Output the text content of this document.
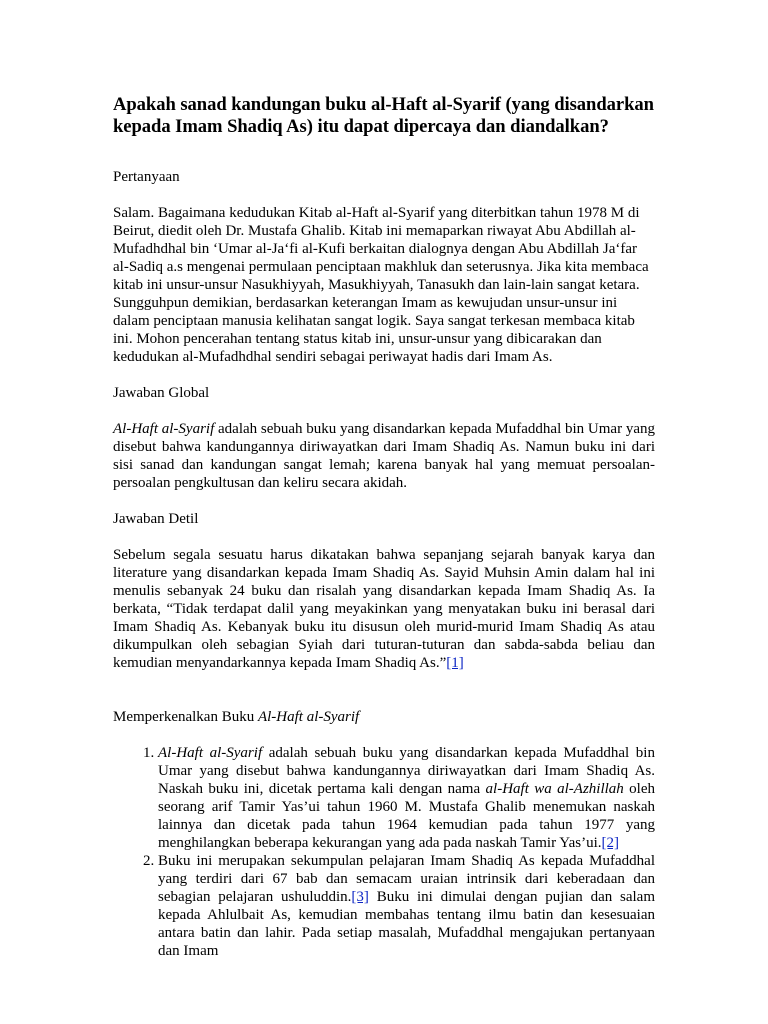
Apakah sanad kandungan buku al-Haft al-Syarif (yang disandarkan kepada Imam Shadiq As) itu dapat dipercaya dan diandalkan?

Pertanyaan

Salam. Bagaimana kedudukan Kitab al-Haft al-Syarif yang diterbitkan tahun 1978 M di Beirut, diedit oleh Dr. Mustafa Ghalib. Kitab ini memaparkan riwayat Abu Abdillah al-Mufadhdhal bin ‘Umar al-Ja‘fi al-Kufi berkaitan dialognya dengan Abu Abdillah Ja‘far al-Sadiq a.s mengenai permulaan penciptaan makhluk dan seterusnya. Jika kita membaca kitab ini unsur-unsur Nasukhiyyah, Masukhiyyah, Tanasukh dan lain-lain sangat ketara. Sungguhpun demikian, berdasarkan keterangan Imam as kewujudan unsur-unsur ini dalam penciptaan manusia kelihatan sangat logik. Saya sangat terkesan membaca kitab ini. Mohon pencerahan tentang status kitab ini, unsur-unsur yang dibicarakan dan kedudukan al-Mufadhdhal sendiri sebagai periwayat hadis dari Imam As.

Jawaban Global

Al-Haft al-Syarif adalah sebuah buku yang disandarkan kepada Mufaddhal bin Umar yang disebut bahwa kandungannya diriwayatkan dari Imam Shadiq As. Namun buku ini dari sisi sanad dan kandungan sangat lemah; karena banyak hal yang memuat persoalan-persoalan pengkultusan dan keliru secara akidah.

Jawaban Detil

Sebelum segala sesuatu harus dikatakan bahwa sepanjang sejarah banyak karya dan literature yang disandarkan kepada Imam Shadiq As. Sayid Muhsin Amin dalam hal ini menulis sebanyak 24 buku dan risalah yang disandarkan kepada Imam Shadiq As. Ia berkata, “Tidak terdapat dalil yang meyakinkan yang menyatakan buku ini berasal dari Imam Shadiq As. Kebanyak buku itu disusun oleh murid-murid Imam Shadiq As atau dikumpulkan oleh sebagian Syiah dari tuturan-tuturan dan sabda-sabda beliau dan kemudian menyandarkannya kepada Imam Shadiq As.”[1]

Memperkenalkan Buku Al-Haft al-Syarif

1. Al-Haft al-Syarif adalah sebuah buku yang disandarkan kepada Mufaddhal bin Umar yang disebut bahwa kandungannya diriwayatkan dari Imam Shadiq As. Naskah buku ini, dicetak pertama kali dengan nama al-Haft wa al-Azhillah oleh seorang arif Tamir Yas’ui tahun 1960 M. Mustafa Ghalib menemukan naskah lainnya dan dicetak pada tahun 1964 kemudian pada tahun 1977 yang menghilangkan beberapa kekurangan yang ada pada naskah Tamir Yas’ui.[2]
2. Buku ini merupakan sekumpulan pelajaran Imam Shadiq As kepada Mufaddhal yang terdiri dari 67 bab dan semacam uraian intrinsik dari keberadaan dan sebagian pelajaran ushuluddin.[3] Buku ini dimulai dengan pujian dan salam kepada Ahlulbait As, kemudian membahas tentang ilmu batin dan kesesuaian antara batin dan lahir. Pada setiap masalah, Mufaddhal mengajukan pertanyaan dan Imam
